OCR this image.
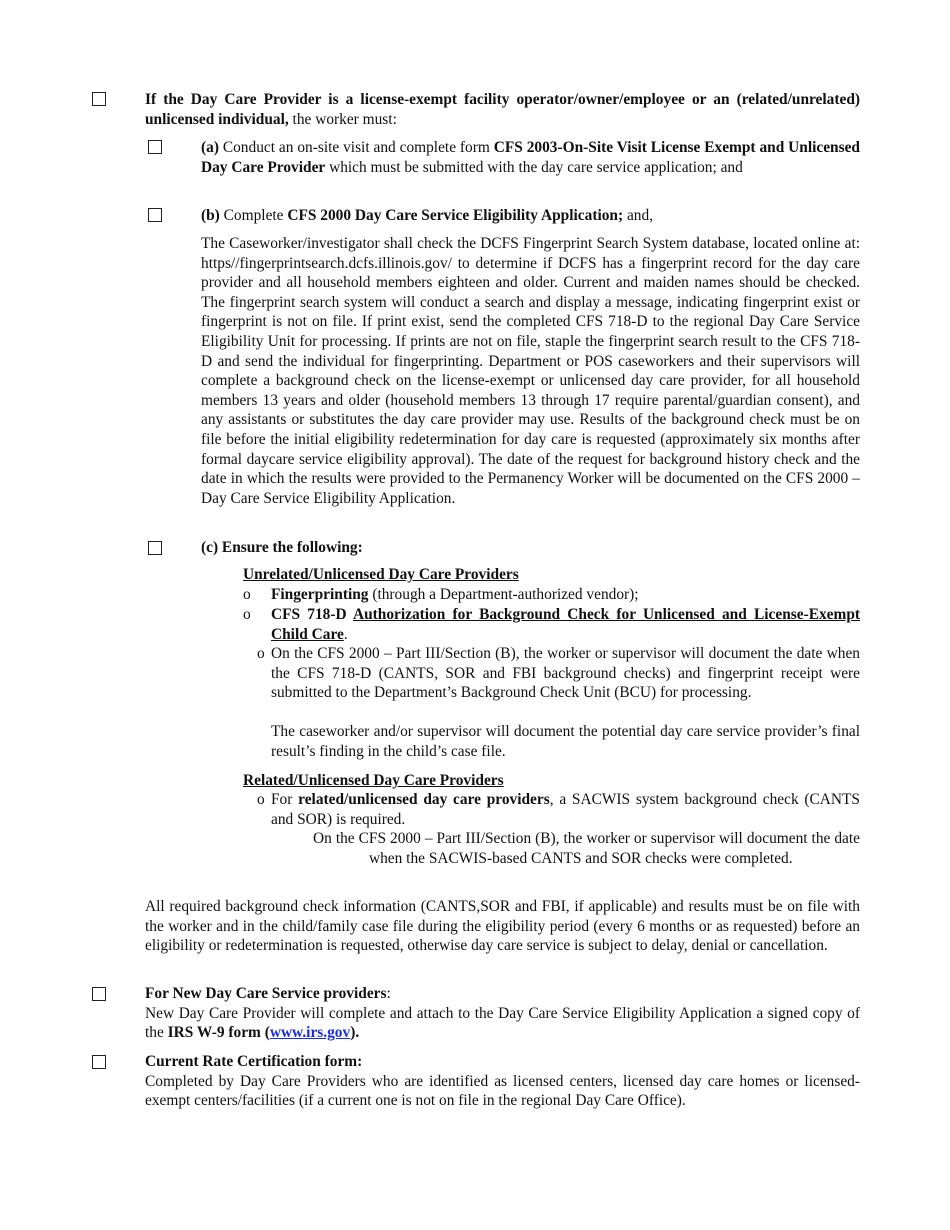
If the Day Care Provider is a license-exempt facility operator/owner/employee or an (related/unrelated) unlicensed individual, the worker must:
(a) Conduct an on-site visit and complete form CFS 2003-On-Site Visit License Exempt and Unlicensed Day Care Provider which must be submitted with the day care service application; and
(b) Complete CFS 2000 Day Care Service Eligibility Application; and,
The Caseworker/investigator shall check the DCFS Fingerprint Search System database, located online at: https//fingerprintsearch.dcfs.illinois.gov/ to determine if DCFS has a fingerprint record for the day care provider and all household members eighteen and older. Current and maiden names should be checked. The fingerprint search system will conduct a search and display a message, indicating fingerprint exist or fingerprint is not on file. If print exist, send the completed CFS 718-D to the regional Day Care Service Eligibility Unit for processing. If prints are not on file, staple the fingerprint search result to the CFS 718-D and send the individual for fingerprinting. Department or POS caseworkers and their supervisors will complete a background check on the license-exempt or unlicensed day care provider, for all household members 13 years and older (household members 13 through 17 require parental/guardian consent), and any assistants or substitutes the day care provider may use. Results of the background check must be on file before the initial eligibility redetermination for day care is requested (approximately six months after formal daycare service eligibility approval). The date of the request for background history check and the date in which the results were provided to the Permanency Worker will be documented on the CFS 2000 – Day Care Service Eligibility Application.
(c) Ensure the following:
Unrelated/Unlicensed Day Care Providers
o Fingerprinting (through a Department-authorized vendor);
o CFS 718-D Authorization for Background Check for Unlicensed and License-Exempt Child Care.
o On the CFS 2000 – Part III/Section (B), the worker or supervisor will document the date when the CFS 718-D (CANTS, SOR and FBI background checks) and fingerprint receipt were submitted to the Department’s Background Check Unit (BCU) for processing.
The caseworker and/or supervisor will document the potential day care service provider’s final result’s finding in the child’s case file.
Related/Unlicensed Day Care Providers
o For related/unlicensed day care providers, a SACWIS system background check (CANTS and SOR) is required.
On the CFS 2000 – Part III/Section (B), the worker or supervisor will document the date when the SACWIS-based CANTS and SOR checks were completed.
All required background check information (CANTS,SOR and FBI, if applicable) and results must be on file with the worker and in the child/family case file during the eligibility period (every 6 months or as requested) before an eligibility or redetermination is requested, otherwise day care service is subject to delay, denial or cancellation.
For New Day Care Service providers:
New Day Care Provider will complete and attach to the Day Care Service Eligibility Application a signed copy of the IRS W-9 form (www.irs.gov).
Current Rate Certification form:
Completed by Day Care Providers who are identified as licensed centers, licensed day care homes or licensed-exempt centers/facilities (if a current one is not on file in the regional Day Care Office).
